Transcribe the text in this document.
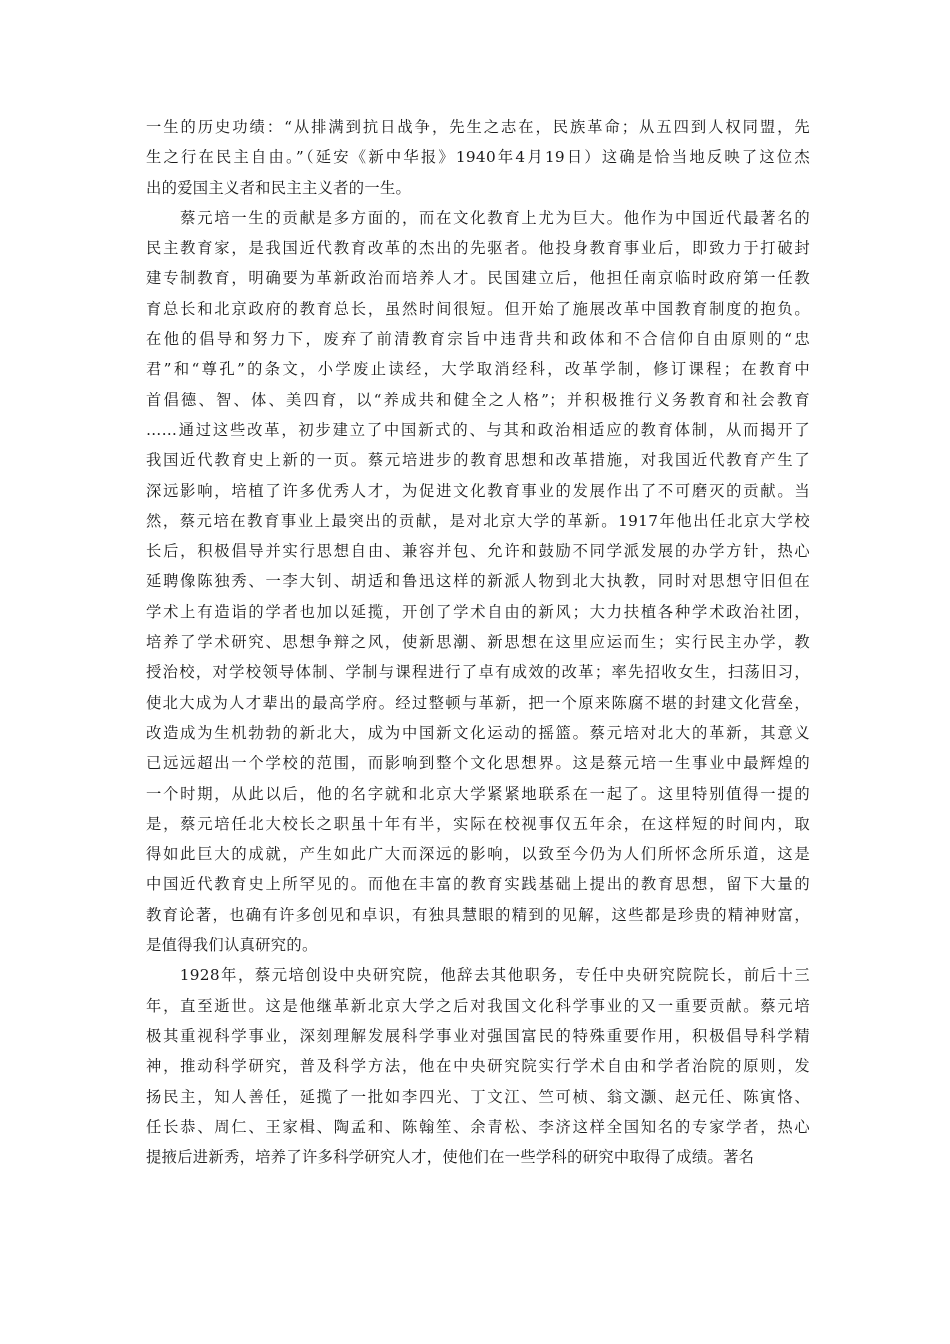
一生的历史功绩：“从排满到抗日战争，先生之志在，民族革命；从五四到人权同盟，先
生之行在民主自由。”（延安《新中华报》1940年4月19日）这确是恰当地反映了这位杰
出的爱国主义者和民主主义者的一生。
　　蔡元培一生的贡献是多方面的，而在文化教育上尤为巨大。他作为中国近代最著名的
民主教育家，是我国近代教育改革的杰出的先驱者。他投身教育事业后，即致力于打破封
建专制教育，明确要为革新政治而培养人才。民国建立后，他担任南京临时政府第一任教
育总长和北京政府的教育总长，虽然时间很短。但开始了施展改革中国教育制度的抱负。
在他的倡导和努力下，废弃了前清教育宗旨中违背共和政体和不合信仰自由原则的“忠
君”和“尊孔”的条文，小学废止读经，大学取消经科，改革学制，修订课程；在教育中
首倡德、智、体、美四育，以“养成共和健全之人格”；并积极推行义务教育和社会教育
……通过这些改革，初步建立了中国新式的、与其和政治相适应的教育体制，从而揭开了
我国近代教育史上新的一页。蔡元培进步的教育思想和改革措施，对我国近代教育产生了
深远影响，培植了许多优秀人才，为促进文化教育事业的发展作出了不可磨灭的贡献。当
然，蔡元培在教育事业上最突出的贡献，是对北京大学的革新。1917年他出任北京大学校
长后，积极倡导并实行思想自由、兼容并包、允许和鼓励不同学派发展的办学方针，热心
延聘像陈独秀、一李大钊、胡适和鲁迅这样的新派人物到北大执教，同时对思想守旧但在
学术上有造诣的学者也加以延揽，开创了学术自由的新风；大力扶植各种学术政治社团，
培养了学术研究、思想争辩之风，使新思潮、新思想在这里应运而生；实行民主办学，教
授治校，对学校领导体制、学制与课程进行了卓有成效的改革；率先招收女生，扫荡旧习，
使北大成为人才辈出的最高学府。经过整顿与革新，把一个原来陈腐不堪的封建文化营垒，
改造成为生机勃勃的新北大，成为中国新文化运动的摇篮。蔡元培对北大的革新，其意义
已远远超出一个学校的范围，而影响到整个文化思想界。这是蔡元培一生事业中最辉煌的
一个时期，从此以后，他的名字就和北京大学紧紧地联系在一起了。这里特别值得一提的
是，蔡元培任北大校长之职虽十年有半，实际在校视事仅五年余，在这样短的时间内，取
得如此巨大的成就，产生如此广大而深远的影响，以致至今仍为人们所怀念所乐道，这是
中国近代教育史上所罕见的。而他在丰富的教育实践基础上提出的教育思想，留下大量的
教育论著，也确有许多创见和卓识，有独具慧眼的精到的见解，这些都是珍贵的精神财富，
是值得我们认真研究的。
　　1928年，蔡元培创设中央研究院，他辞去其他职务，专任中央研究院院长，前后十三
年，直至逝世。这是他继革新北京大学之后对我国文化科学事业的又一重要贡献。蔡元培
极其重视科学事业，深刻理解发展科学事业对强国富民的特殊重要作用，积极倡导科学精
神，推动科学研究，普及科学方法，他在中央研究院实行学术自由和学者治院的原则，发
扬民主，知人善任，延揽了一批如李四光、丁文江、竺可桢、翁文灏、赵元任、陈寅恪、
任长恭、周仁、王家楫、陶孟和、陈翰笙、余青松、李济这样全国知名的专家学者，热心
提掖后进新秀，培养了许多科学研究人才，使他们在一些学科的研究中取得了成绩。著名
